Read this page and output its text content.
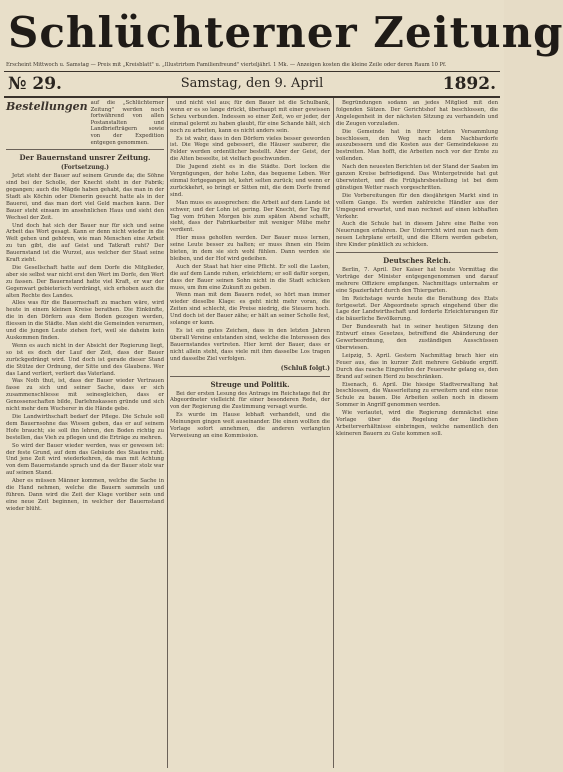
Schlüchterner Zeitung
Erscheint Mittwoch u. Samstag — Preis mit „Kreisblatt" u. „Illustrirtem Familienfreund" vierteljährl. 1 Mk. — Anzeigen kosten die kleine Zeile oder deren Raum 10 Pf.
№ 29.	Samstag, den 9. April	1892.
Bestellungen auf die „Schlüchterner Zeitung" werden noch fortwährend von allen Postanstalten und Landbriefträgern sowie von der Expedition entgegen genommen.
Der Bauernstand unsrer Zeitung.
(Fortsetzung.)

Jetzt steht der Bauer auf seinem Grunde da; die Söhne sind bei der Scholle, der Knecht steht in der Fabrik; gegangen; auch die Mägde haben gehabt, das man in der Stadt als Köchin oder Dienerin gesucht hatte als in der Bauerei, und das man dort viel Geld machen kann. Der Bauer steht einsam im ansehnlichen Haus und sieht den Wechsel der Zeit.

Und doch hat sich der Bauer nur für sich und seine Arbeit das Wort gesagt. Kann er denn nicht wieder in die Welt gehen und gehören, wie man Menschen eine Arbeit zu tun gibt, die auf Geist und Tatkraft ruht? Der Bauernstand ist die Wurzel, aus welcher der Staat seine Kraft zieht.

Die Gesellschaft hatte auf dem Dorfe die Mitglieder, aber sie selbst war nicht erst den Wert im Dorfe, den Wert zu fassen. Der Bauernstand hatte viel Kraft, er war der Gegenwart gebieterisch verdrängt, sich erhoben auch die alten Rechte des Landes.

Alles was für die Bauernschaft zu machen wäre, wird heute in einem kleinen Kreise berathen. Die Einkünfte, die in den Dörfern aus dem Boden gezogen werden, fliessen in die Städte. Man sieht die Gemeinden verarmen, und die jungen Leute ziehen fort, weil sie daheim kein Auskommen finden.

Wenn es auch nicht in der Absicht der Regierung liegt, so ist es doch der Lauf der Zeit, dass der Bauer zurückgedrängt wird. Und doch ist gerade dieser Stand die Stütze der Ordnung, der Sitte und des Glaubens. Wer das Land verliert, verliert das Vaterland.

Was Noth thut, ist, dass der Bauer wieder Vertrauen fasse zu sich und seiner Sache, dass er sich zusammenschliesse mit seinesgleichen, dass er Genossenschaften bilde, Darlehnskassen gründe und sich nicht mehr dem Wucherer in die Hände gebe.

Die Landwirthschaft bedarf der Pflege. Die Schule soll dem Bauernsohne das Wissen geben, das er auf seinem Hofe braucht; sie soll ihn lehren, den Boden richtig zu bestellen, das Vieh zu pflegen und die Erträge zu mehren.

So wird der Bauer wieder werden, was er gewesen ist: der feste Grund, auf dem das Gebäude des Staates ruht. Und jene Zeit wird wiederkehren, da man mit Achtung von dem Bauernstande sprach und da der Bauer stolz war auf seinen Stand.

Aber es müssen Männer kommen, welche die Sache in die Hand nehmen, welche die Bauern sammeln und führen. Dann wird die Zeit der Klage vorüber sein und eine neue Zeit beginnen, in welcher der Bauernstand wieder blüht.

und nicht viel aus; für den Bauer ist die Schulbank, wenn er es so lange drückt, überhaupt mit einer gewissen Scheu verbunden. Indessen so einer Zeit, wo er jeder, der einmal gelernt zu haben glaubt, für eine Schande hält, sich noch zu arbeiten, kann es nicht anders sein.

Es ist wahr, dass in den Dörfern vieles besser geworden ist. Die Wege sind gebessert, die Häuser sauberer, die Felder werden ordentlicher bestellt. Aber der Geist, der die Alten beseelte, ist vielfach geschwunden.

Die Jugend zieht es in die Städte. Dort locken die Vergnügungen, der hohe Lohn, das bequeme Leben. Wer einmal fortgegangen ist, kehrt selten zurück; und wenn er zurückkehrt, so bringt er Sitten mit, die dem Dorfe fremd sind.

Man muss es aussprechen: die Arbeit auf dem Lande ist schwer, und der Lohn ist gering. Der Knecht, der Tag für Tag vom frühen Morgen bis zum späten Abend schafft, sieht, dass der Fabrikarbeiter mit weniger Mühe mehr verdient.

Hier muss geholfen werden. Der Bauer muss lernen, seine Leute besser zu halten; er muss ihnen ein Heim bieten, in dem sie sich wohl fühlen. Dann werden sie bleiben, und der Hof wird gedeihen.

Auch der Staat hat hier eine Pflicht. Er soll die Lasten, die auf dem Lande ruhen, erleichtern; er soll dafür sorgen, dass der Bauer seinen Sohn nicht in die Stadt schicken muss, um ihm eine Zukunft zu geben.

Wenn man mit dem Bauern redet, so hört man immer wieder dieselbe Klage: es geht nicht mehr voran, die Zeiten sind schlecht, die Preise niedrig, die Steuern hoch. Und doch ist der Bauer zähe; er hält an seiner Scholle fest, solange er kann.

Es ist ein gutes Zeichen, dass in den letzten Jahren überall Vereine entstanden sind, welche die Interessen des Bauernstandes vertreten. Hier lernt der Bauer, dass er nicht allein steht, dass viele mit ihm dasselbe Los tragen und dasselbe Ziel verfolgen.

(Schluß folgt.)
Streuge und Politik.

Bei der ersten Lesung des Antrags im Reichstage fiel ihr Abgeordneter vielleicht für einer besonderen Rede, der von der Regierung die Zustimmung versagt wurde.

Es wurde im Hause lebhaft verhandelt, und die Meinungen gingen weit auseinander. Die einen wollten die Vorlage sofort annehmen, die anderen verlangten Verweisung an eine Kommission.

Begründungen sodann an jedes Mitglied mit den folgenden Sätzen. Der Gerichtshof hat beschlossen, die Angelegenheit in der nächsten Sitzung zu verhandeln und die Zeugen vorzuladen.

Die Gemeinde hat in ihrer letzten Versammlung beschlossen, den Weg nach dem Nachbardorfe auszubessern und die Kosten aus der Gemeindekasse zu bestreiten. Man hofft, die Arbeiten noch vor der Ernte zu vollenden.

Nach den neuesten Berichten ist der Stand der Saaten im ganzen Kreise befriedigend. Das Wintergetreide hat gut überwintert, und die Frühjahrsbestellung ist bei dem günstigen Wetter rasch vorgeschritten.

Die Vorbereitungen für den diesjährigen Markt sind in vollem Gange. Es werden zahlreiche Händler aus der Umgegend erwartet, und man rechnet auf einen lebhaften Verkehr.

Auch die Schule hat in diesem Jahre eine Reihe von Neuerungen erfahren. Der Unterricht wird nun nach dem neuen Lehrplane erteilt, und die Eltern werden gebeten, ihre Kinder pünktlich zu schicken.

Deutsches Reich.

Berlin, 7. April. Der Kaiser hat heute Vormittag die Vorträge der Minister entgegengenommen und darauf mehrere Offiziere empfangen. Nachmittags unternahm er eine Spazierfahrt durch den Thiergarten.

Im Reichstage wurde heute die Berathung des Etats fortgesetzt. Der Abgeordnete sprach eingehend über die Lage der Landwirthschaft und forderte Erleichterungen für die bäuerliche Bevölkerung.

Der Bundesrath hat in seiner heutigen Sitzung den Entwurf eines Gesetzes, betreffend die Abänderung der Gewerbeordnung, den zuständigen Ausschüssen überwiesen.

Leipzig, 5. April. Gestern Nachmittag brach hier ein Feuer aus, das in kurzer Zeit mehrere Gebäude ergriff. Durch das rasche Eingreifen der Feuerwehr gelang es, den Brand auf seinen Herd zu beschränken.

Eisenach, 6. April. Die hiesige Stadtverwaltung hat beschlossen, die Wasserleitung zu erweitern und eine neue Schule zu bauen. Die Arbeiten sollen noch in diesem Sommer in Angriff genommen werden.

Wie verlautet, wird die Regierung demnächst eine Vorlage über die Regelung der ländlichen Arbeiterverhältnisse einbringen, welche namentlich den kleineren Bauern zu Gute kommen soll.
